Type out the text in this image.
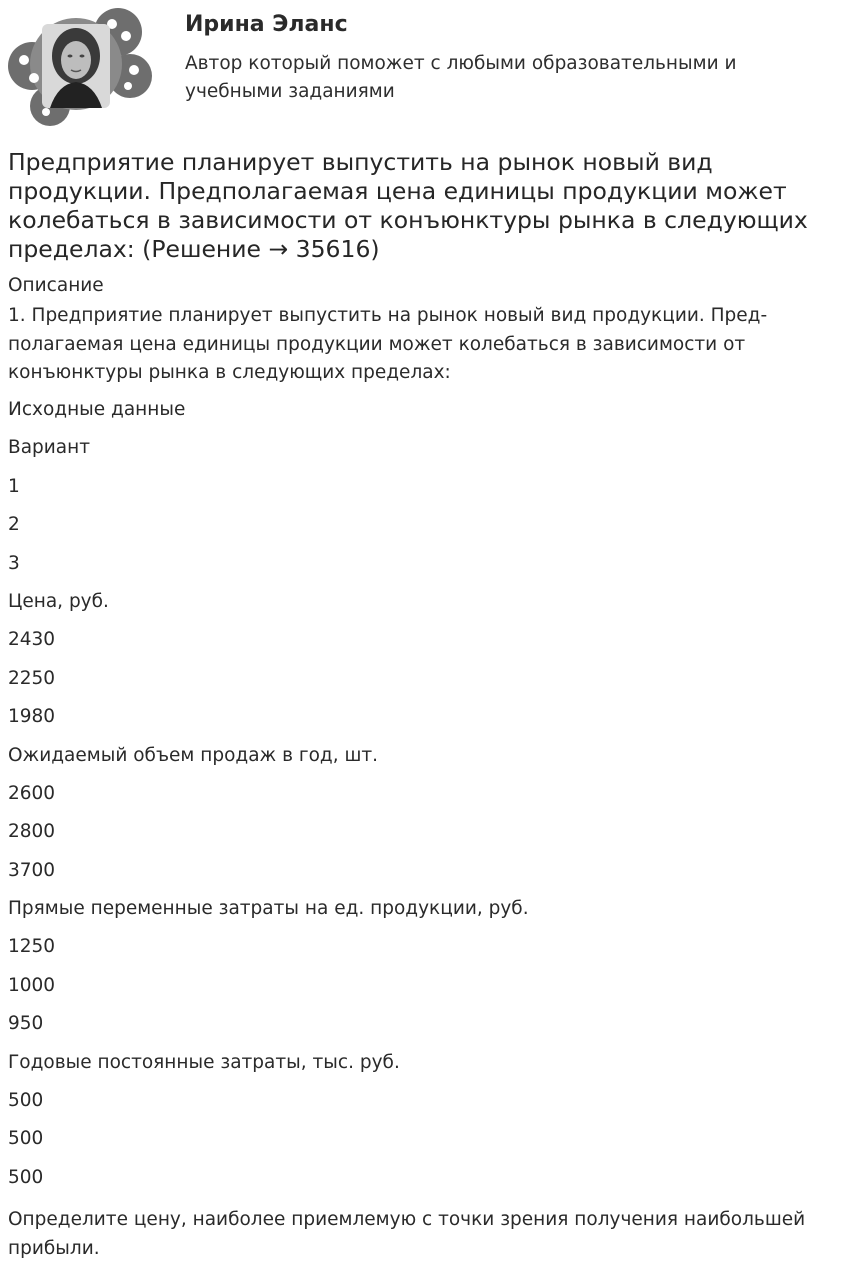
Ирина Эланс
Автор который поможет с любыми образовательными и учебными заданиями
Предприятие планирует выпустить на рынок новый вид продукции. Предполагаемая цена единицы продукции может колебаться в зависимости от конъюнктуры рынка в следующих пределах: (Решение → 35616)
Описание
1. Предприятие планирует выпустить на рынок новый вид продукции. Пред- полагаемая цена единицы продукции может колебаться в зависимости от конъюнктуры рынка в следующих пределах:
Исходные данные
Вариант
1
2
3
Цена, руб.
2430
2250
1980
Ожидаемый объем продаж в год, шт.
2600
2800
3700
Прямые переменные затраты на ед. продукции, руб.
1250
1000
950
Годовые постоянные затраты, тыс. руб.
500
500
500
Определите цену, наиболее приемлемую с точки зрения получения наибольшей прибыли.
